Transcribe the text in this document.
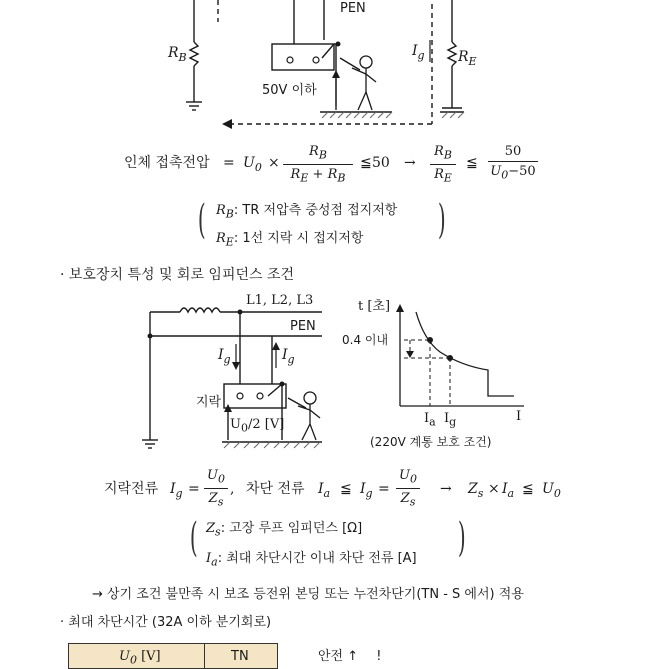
PEN
$R_B$	$I_g$ $R_E$
50V 이하
인체 접촉전압 = $U_0$ ×
$R_B$
$R_E + R_B$
≦ 50 →
$R_B$
$R_E$
≦
50
$U_0-50$
( $R_B$: TR 저압측 중성점 접지저항
$R_E$: 1선 지락 시 접지저항 )
· 보호장치 특성 및 회로 임피던스 조건
L1, L2, L3
PEN
$I_g$	$I_g$
지락
$U_0/2$ [V]
t [초]
0.4 이내
$I_a$ $I_g$	I
(220V 계통 보호 조건)
지락전류 $I_g$ =
$U_0$
$Z_s$
, 차단 전류 $I_a$ ≦ $I_g$ =
$U_0$
$Z_s$
→ $Z_s \times I_a$ ≦ $U_0$
( $Z_s$: 고장 루프 임피던스 [Ω]
$I_a$: 최대 차단시간 이내 차단 전류 [A] )
→ 상기 조건 불만족 시 보조 등전위 본딩 또는 누전차단기(TN - S 에서) 적용
· 최대 차단시간 (32A 이하 분기회로)
$U_0$ [V]	TN	안전 ↑ !
